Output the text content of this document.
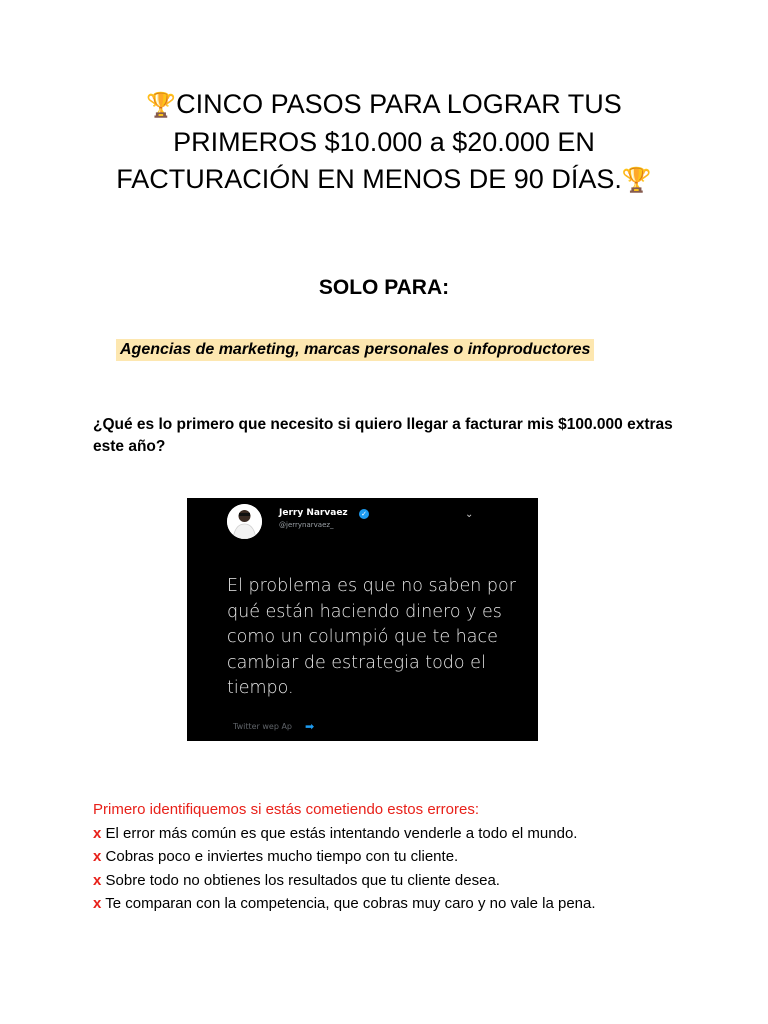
🏆CINCO PASOS PARA LOGRAR TUS PRIMEROS $10.000 a $20.000 EN FACTURACIÓN EN MENOS DE 90 DÍAS.🏆
SOLO PARA:
Agencias de marketing, marcas personales o infoproductores
¿Qué es lo primero que necesito si quiero llegar a facturar mis $100.000 extras este año?
Jerry Narvaez ✓
@jerrynarvaez_
⌄
El problema es que no saben por qué están haciendo dinero y es como un columpió que te hace cambiar de estrategia todo el tiempo.
Twitter wep Ap ➡
Primero identifiquemos si estás cometiendo estos errores:
x El error más común es que estás intentando venderle a todo el mundo.
x Cobras poco e inviertes mucho tiempo con tu cliente.
x Sobre todo no obtienes los resultados que tu cliente desea.
x Te comparan con la competencia, que cobras muy caro y no vale la pena.
